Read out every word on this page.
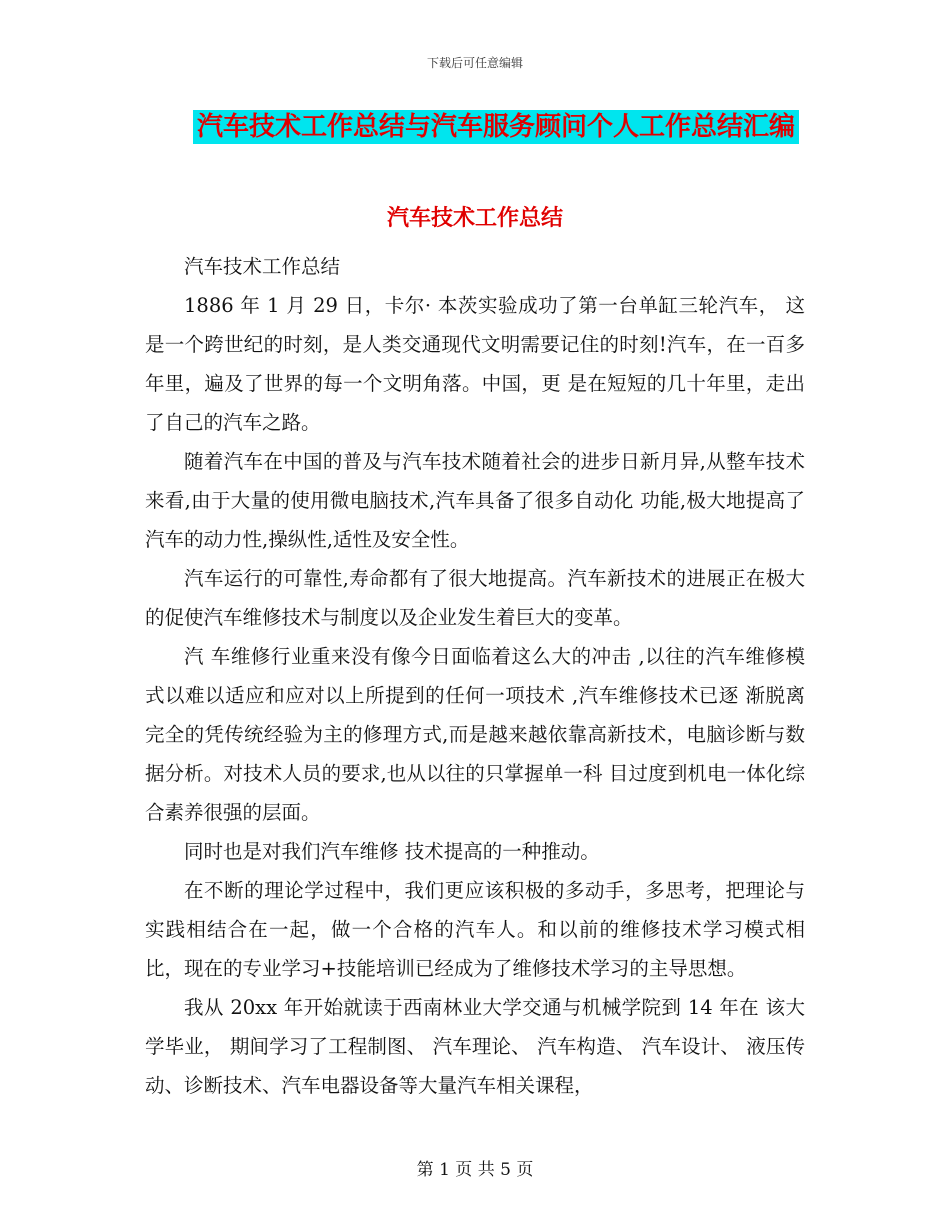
下载后可任意编辑
汽车技术工作总结与汽车服务顾问个人工作总结汇编
汽车技术工作总结

汽车技术工作总结

1886 年 1 月 29 日，卡尔· 本茨实验成功了第一台单缸三轮汽车， 这是一个跨世纪的时刻，是人类交通现代文明需要记住的时刻!汽车，在一百多年里，遍及了世界的每一个文明角落。中国，更 是在短短的几十年里，走出了自己的汽车之路。

随着汽车在中国的普及与汽车技术随着社会的进步日新月异,从整车技术来看,由于大量的使用微电脑技术,汽车具备了很多自动化 功能,极大地提高了汽车的动力性,操纵性,适性及安全性。

汽车运行的可靠性,寿命都有了很大地提高。汽车新技术的进展正在极大的促使汽车维修技术与制度以及企业发生着巨大的变革。

汽 车维修行业重来没有像今日面临着这么大的冲击 ,以往的汽车维修模 式以难以适应和应对以上所提到的任何一项技术 ,汽车维修技术已逐 渐脱离完全的凭传统经验为主的修理方式,而是越来越依靠高新技术，电脑诊断与数据分析。对技术人员的要求,也从以往的只掌握单一科 目过度到机电一体化综合素养很强的层面。

同时也是对我们汽车维修 技术提高的一种推动。

在不断的理论学过程中，我们更应该积极的多动手，多思考，把理论与实践相结合在一起，做一个合格的汽车人。和以前的维修技术学习模式相比，现在的专业学习+技能培训已经成为了维修技术学习的主导思想。

我从 20xx 年开始就读于西南林业大学交通与机械学院到 14 年在 该大学毕业， 期间学习了工程制图、 汽车理论、 汽车构造、 汽车设计、 液压传动、诊断技术、汽车电器设备等大量汽车相关课程，

第 1 页 共 5 页
